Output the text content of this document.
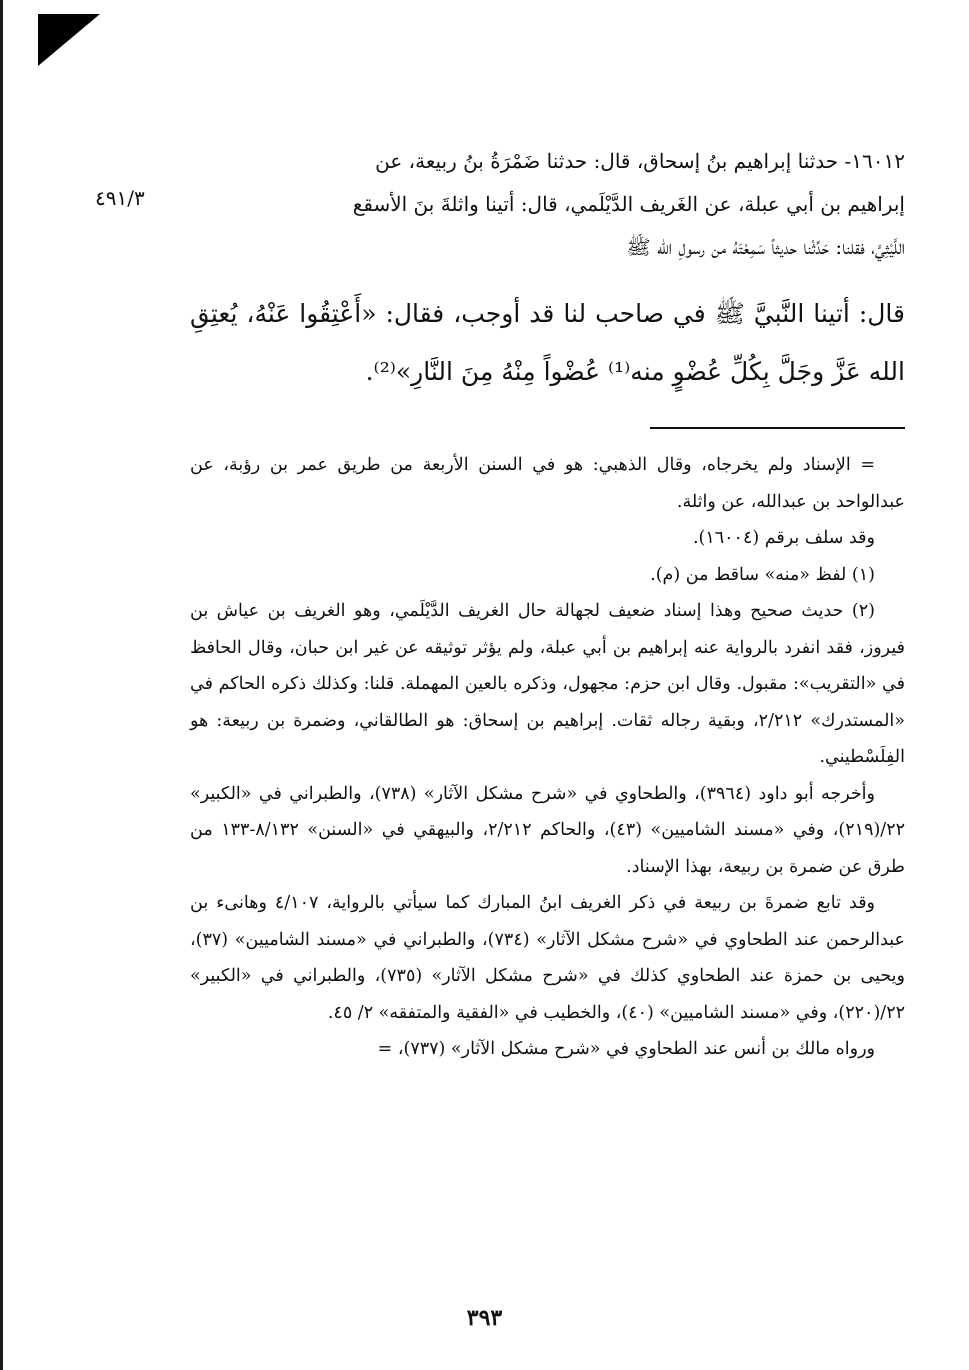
٤٩١/٣

١٦٠١٢- حدثنا إبراهيم بنُ إسحاق، قال: حدثنا ضَمْرَةُ بنُ ربيعة، عن

إبراهيم بن أبي عبلة، عن الغَريف الدَّيْلَمي، قال: أتينا واثلةَ بنَ الأسقع

اللَّيْثِيَّ، فقلنا: حَدِّثْنا حديثاً سَمِعْتَهُ من رسولِ الله ﷺ

قال: أتينا النَّبيَّ ﷺ في صاحب لنا قد أوجب، فقال: «أَعْتِقُوا عَنْهُ، يُعتِقِ الله عَزَّ وجَلَّ بِكُلِّ عُضْوٍ منه⁽¹⁾ عُضْواً مِنْهُ مِنَ النَّارِ»⁽²⁾.

= الإسناد ولم يخرجاه، وقال الذهبي: هو في السنن الأربعة من طريق عمر بن رؤبة، عن عبدالواحد بن عبدالله، عن واثلة.

وقد سلف برقم (١٦٠٠٤).

(١) لفظ «منه» ساقط من (م).

(٢) حديث صحيح وهذا إسناد ضعيف لجهالة حال الغريف الدَّيْلَمي، وهو الغريف بن عياش بن فيروز، فقد انفرد بالرواية عنه إبراهيم بن أبي عبلة، ولم يؤثر توثيقه عن غير ابن حبان، وقال الحافظ في «التقريب»: مقبول. وقال ابن حزم: مجهول، وذكره بالعين المهملة. قلنا: وكذلك ذكره الحاكم في «المستدرك» ٢/٢١٢، وبقية رجاله ثقات. إبراهيم بن إسحاق: هو الطالقاني، وضمرة بن ربيعة: هو الفِلَسْطيني.

وأخرجه أبو داود (٣٩٦٤)، والطحاوي في «شرح مشكل الآثار» (٧٣٨)، والطبراني في «الكبير» ٢٢/(٢١٩)، وفي «مسند الشاميين» (٤٣)، والحاكم ٢/٢١٢، والبيهقي في «السنن» ٨/١٣٢-١٣٣ من طرق عن ضمرة بن ربيعة، بهذا الإسناد.

وقد تابع ضمرةَ بن ربيعة في ذكر الغريف ابنُ المبارك كما سيأتي بالرواية، ٤/١٠٧ وهانىء بن عبدالرحمن عند الطحاوي في «شرح مشكل الآثار» (٧٣٤)، والطبراني في «مسند الشاميين» (٣٧)، ويحيى بن حمزة عند الطحاوي كذلك في «شرح مشكل الآثار» (٧٣٥)، والطبراني في «الكبير» ٢٢/(٢٢٠)، وفي «مسند الشاميين» (٤٠)، والخطيب في «الفقية والمتفقه» ٢/ ٤٥.

ورواه مالك بن أنس عند الطحاوي في «شرح مشكل الآثار» (٧٣٧)، =

٣٩٣
